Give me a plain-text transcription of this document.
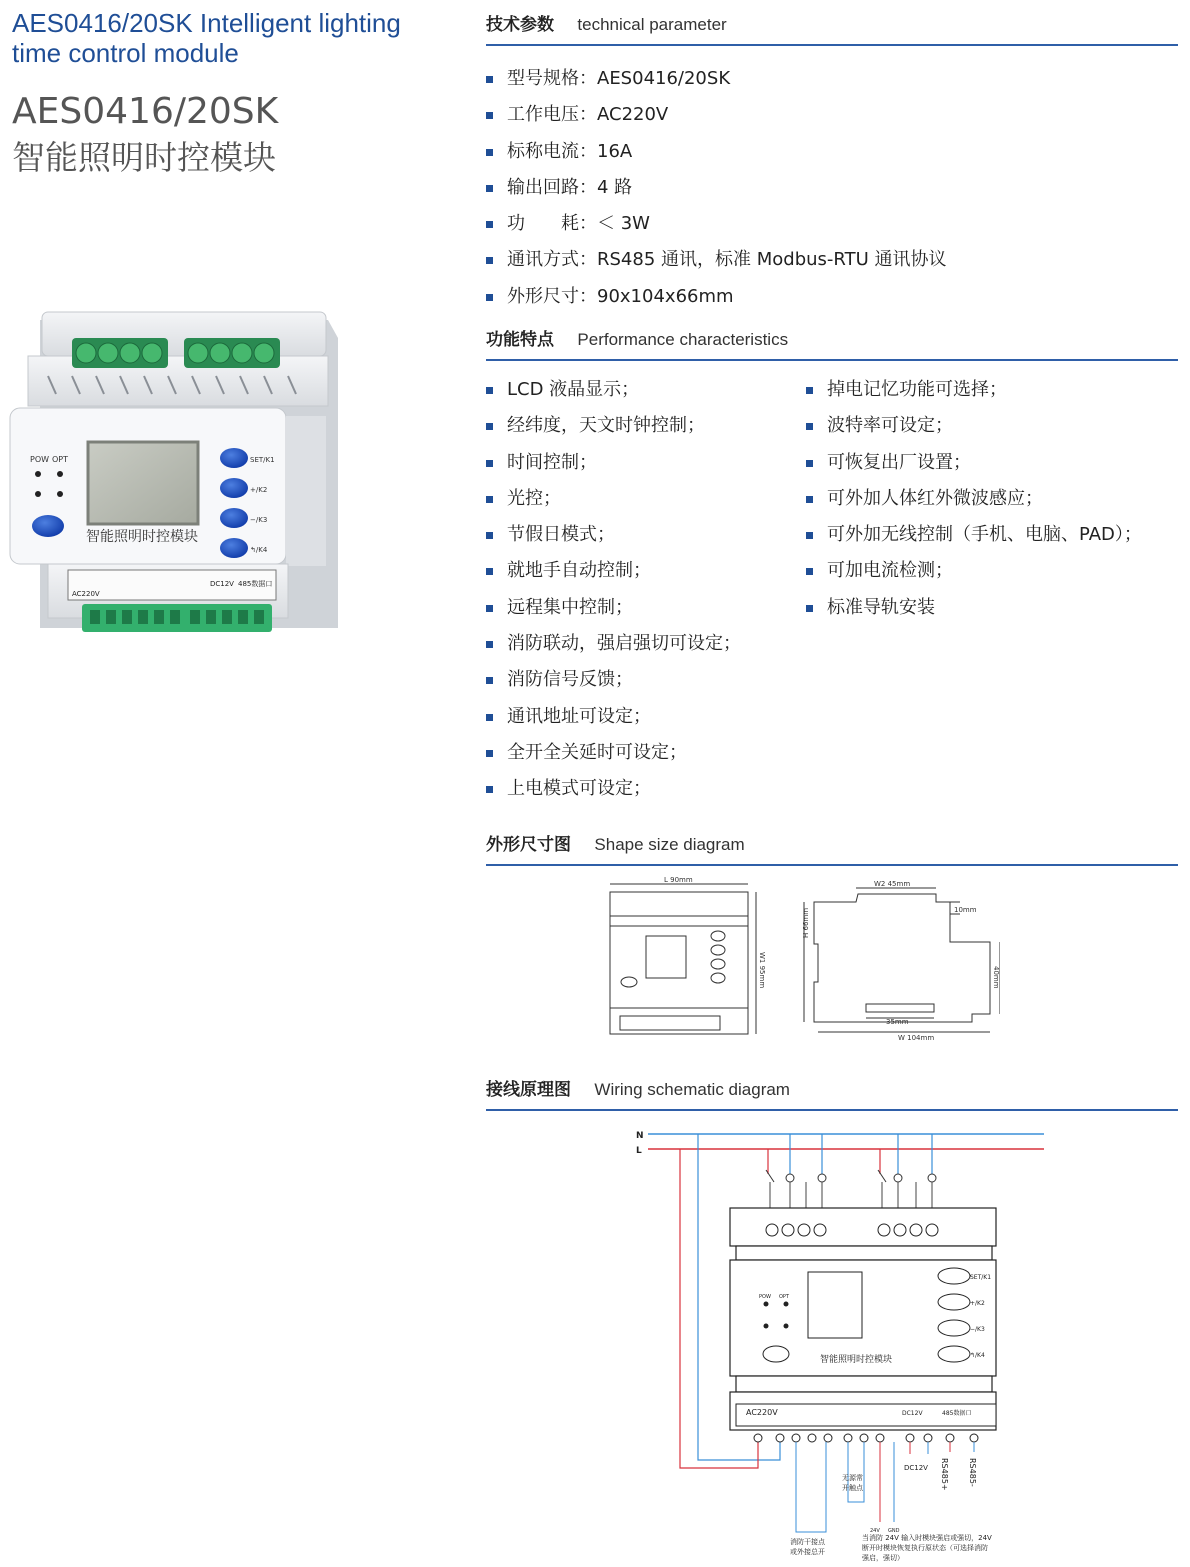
AES0416/20SK Intelligent lighting time control module
AES0416/20SK
智能照明时控模块
POW OPT
智能照明时控模块
SET/K1
+/K2
−/K3
↰/K4
AC220V
DC12V 485数据口
技术参数 technical parameter
型号规格：AES0416/20SK
工作电压：AC220V
标称电流：16A
输出回路：4 路
功　　耗：＜ 3W
通讯方式：RS485 通讯，标准 Modbus-RTU 通讯协议
外形尺寸：90x104x66mm
功能特点 Performance characteristics
LCD 液晶显示；
经纬度，天文时钟控制；
时间控制；
光控；
节假日模式；
就地手自动控制；
远程集中控制；
消防联动，强启强切可设定；
消防信号反馈；
通讯地址可设定；
全开全关延时可设定；
上电模式可设定；
掉电记忆功能可选择；
波特率可设定；
可恢复出厂设置；
可外加人体红外微波感应；
可外加无线控制（手机、电脑、PAD）；
可加电流检测；
标准导轨安装
外形尺寸图 Shape size diagram
L 90mm
W1 95mm
W2 45mm
H 66mm
W 104mm
10mm
40mm
35mm
接线原理图 Wiring schematic diagram
N
L
智能照明时控模块
POW OPT
SET/K1
+/K2
−/K3
↰/K4
AC220V	DC12V	485数据口
无源常
开触点
DC12V RS485+ RS485-
24V GND
消防干接点
或外接总开
当消防 24V 输入时模块强启或强切，24V
断开时模块恢复执行原状态（可选择消防
强启，强切）
